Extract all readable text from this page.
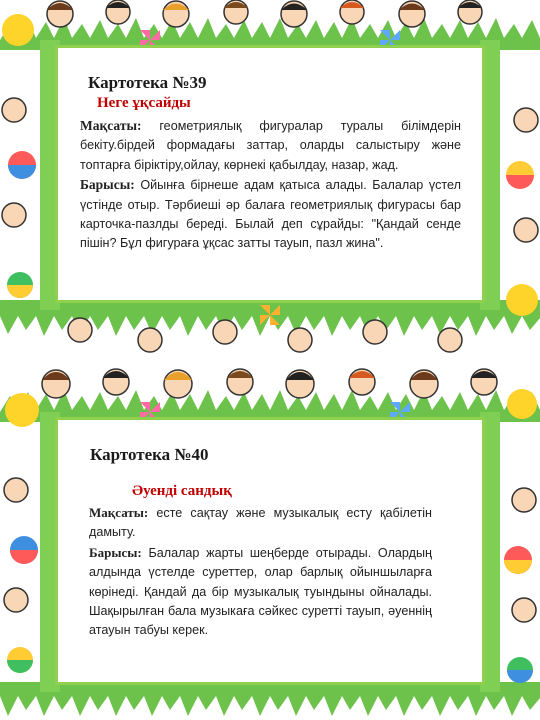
Картотека №39
Неге ұқсайды

Мақсаты: геометриялық фигуралар туралы білімдерін бекіту.бірдей формадағы заттар, оларды салыстыру және топтарға біріктіру,ойлау, көрнекі қабылдау, назар, жад.

Барысы: Ойынға бірнеше адам қатыса алады. Балалар үстел үстінде отыр. Тәрбиеші әр балаға геометриялық фигурасы бар карточка-пазлды береді. Былай деп сұрайды: "Қандай сенде пішін? Бұл фигураға ұқсас затты тауып, пазл жина".

Картотека №40
Әуенді сандық

Мақсаты: есте сақтау және музыкалық есту қабілетін дамыту.

Барысы: Балалар жарты шеңберде отырады. Олардың алдында үстелде суреттер, олар барлық ойыншыларға көрінеді. Қандай да бір музыкалық туындыны ойналады. Шақырылған бала музыкаға сәйкес суретті тауып, әуеннің атауын табуы керек.
